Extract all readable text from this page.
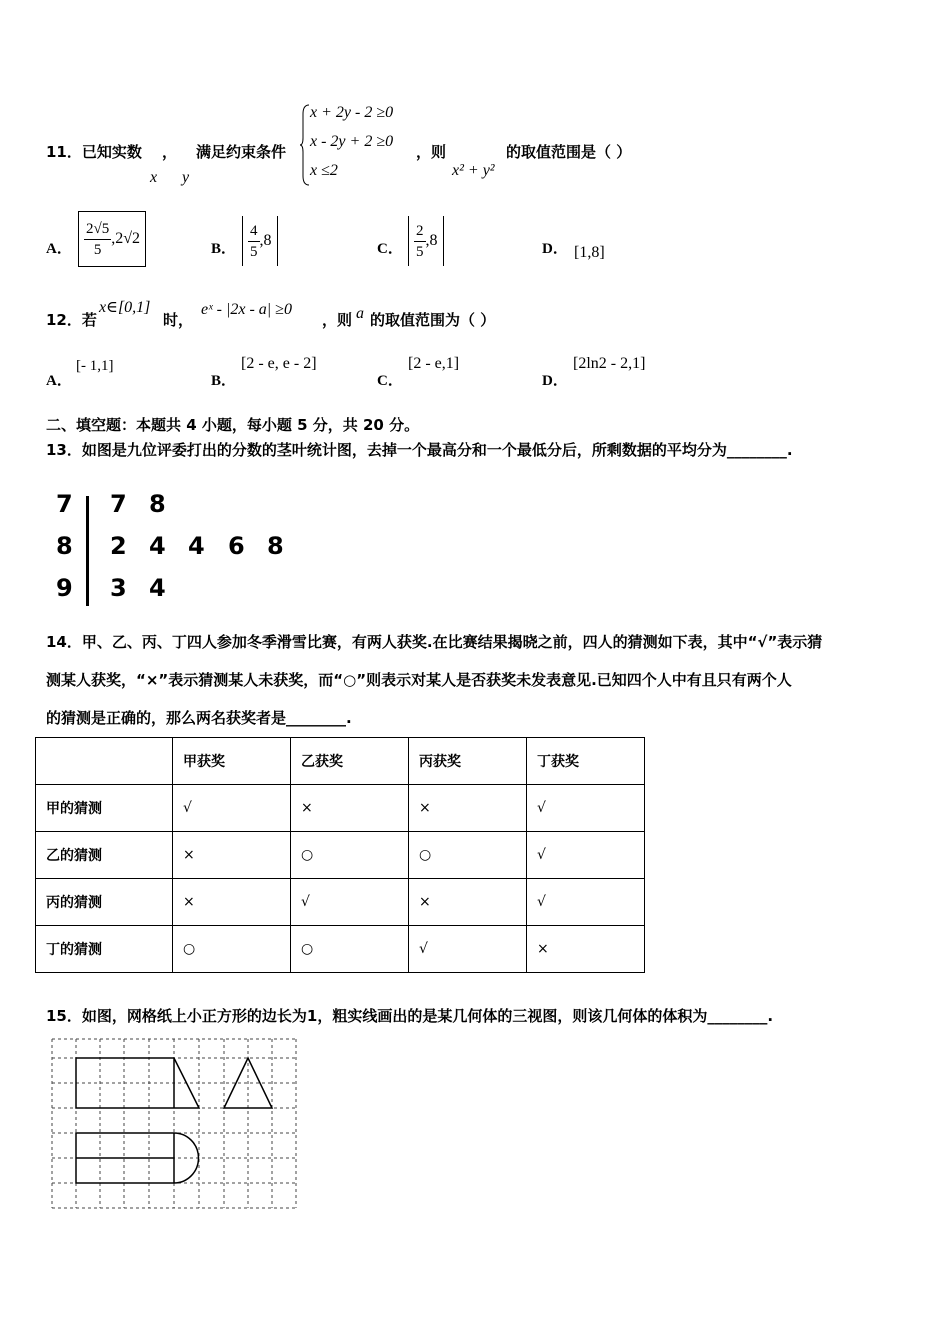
11．已知实数 ，
x y
满足约束条件
x + 2y - 2 ≥0
x - 2y + 2 ≥0
x ≤2
，则
x² + y²
的取值范围是（ ）
A． $\frac{2√5}{5} ,2√2$
B． $\frac{4}{5} ,8$	C． $\frac{2}{5} ,8$	D． [1,8]
12．若
x∈[0,1]
时，
eˣ - |2x - a| ≥0
，则 a 的取值范围为（ ）
A．
[- 1,1]
B．
[2 - e, e - 2]
C．
[2 - e,1]
D．
[2ln2 - 2,1]
二、填空题：本题共 4 小题，每小题 5 分，共 20 分。
13．如图是九位评委打出的分数的茎叶统计图，去掉一个最高分和一个最低分后，所剩数据的平均分为________.
7 7 8
8 2 4 4 6 8
9 3 4
14．甲、乙、丙、丁四人参加冬季滑雪比赛，有两人获奖.在比赛结果揭晓之前，四人的猜测如下表，其中“√”表示猜
测某人获奖，“×”表示猜测某人未获奖，而“○”则表示对某人是否获奖未发表意见.已知四个人中有且只有两个人
的猜测是正确的，那么两名获奖者是________.
	甲获奖	乙获奖	丙获奖	丁获奖
甲的猜测	√	×	×	√
乙的猜测	×	○	○	√
丙的猜测	×	√	×	√
丁的猜测	○	○	√	×
15．如图，网格纸上小正方形的边长为1，粗实线画出的是某几何体的三视图，则该几何体的体积为________.
